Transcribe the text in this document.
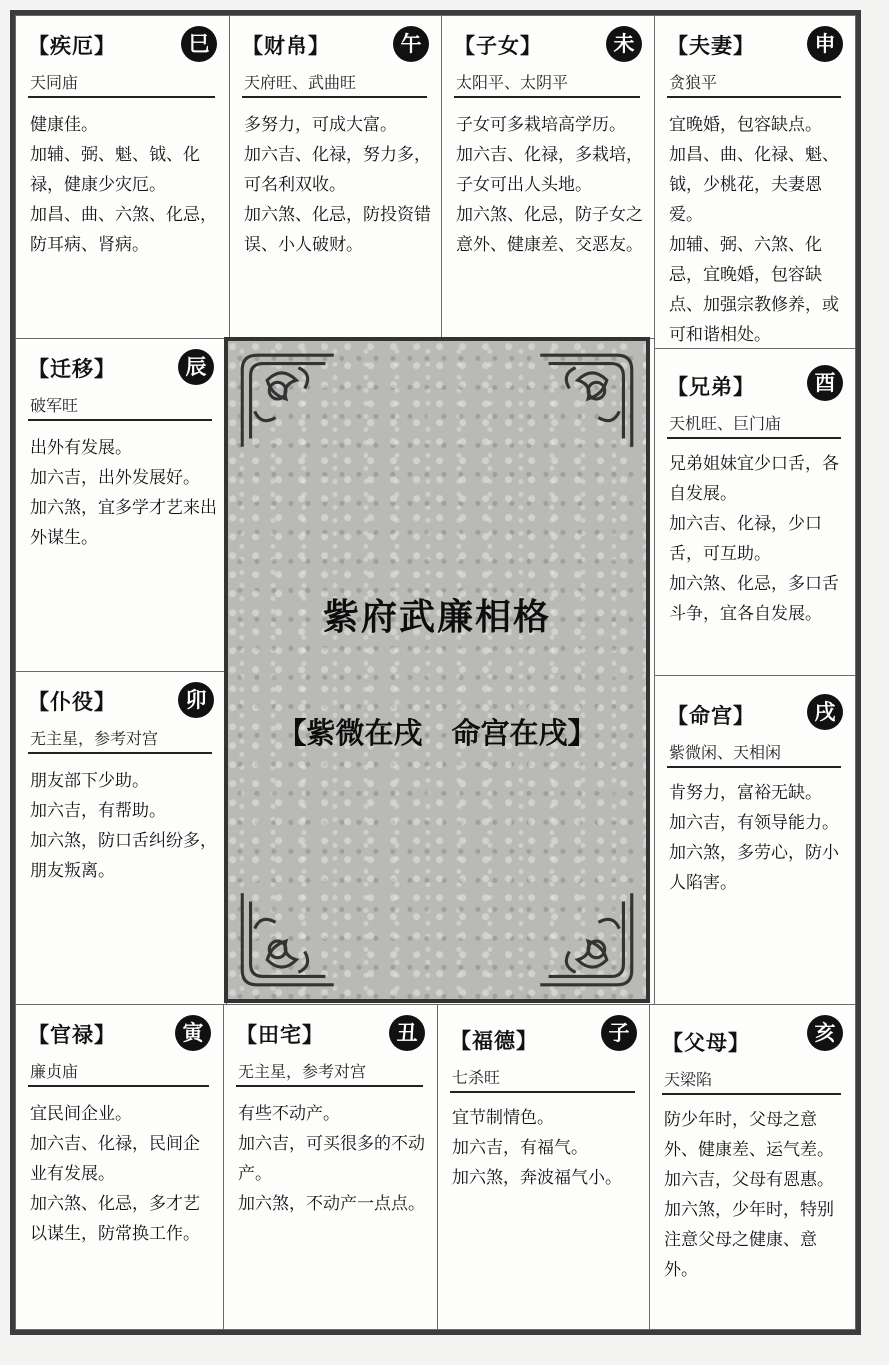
【疾厄】	巳
天同庙

健康佳。

加辅、弼、魁、钺、化禄，健康少灾厄。

加昌、曲、六煞、化忌，防耳病、肾病。

【财帛】	午
天府旺、武曲旺

多努力，可成大富。

加六吉、化禄，努力多，可名利双收。

加六煞、化忌，防投资错误、小人破财。

【子女】	未
太阳平、太阴平

子女可多栽培高学历。

加六吉、化禄，多栽培，子女可出人头地。

加六煞、化忌，防子女之意外、健康差、交恶友。

【夫妻】	申
贪狼平

宜晚婚，包容缺点。

加昌、曲、化禄、魁、钺，少桃花，夫妻恩爱。

加辅、弼、六煞、化忌，宜晚婚，包容缺点、加强宗教修养，或可和谐相处。

【迁移】	辰
破军旺

出外有发展。

加六吉，出外发展好。

加六煞，宜多学才艺来出外谋生。

【仆役】	卯
无主星，参考对宫

朋友部下少助。

加六吉，有帮助。

加六煞，防口舌纠纷多，朋友叛离。

【兄弟】	酉
天机旺、巨门庙

兄弟姐妹宜少口舌，各自发展。

加六吉、化禄，少口舌，可互助。

加六煞、化忌，多口舌斗争，宜各自发展。

【命宫】	戌
紫微闲、天相闲

肯努力，富裕无缺。

加六吉，有领导能力。

加六煞，多劳心，防小人陷害。

【官禄】	寅
廉贞庙

宜民间企业。

加六吉、化禄，民间企业有发展。

加六煞、化忌，多才艺以谋生，防常换工作。

【田宅】	丑
无主星，参考对宫

有些不动产。

加六吉，可买很多的不动产。

加六煞，不动产一点点。

【福德】	子
七杀旺

宜节制情色。

加六吉，有福气。

加六煞，奔波福气小。

【父母】	亥
天梁陷

防少年时，父母之意外、健康差、运气差。

加六吉，父母有恩惠。

加六煞，少年时，特别注意父母之健康、意外。

紫府武廉相格
【紫微在戌　命宫在戌】
